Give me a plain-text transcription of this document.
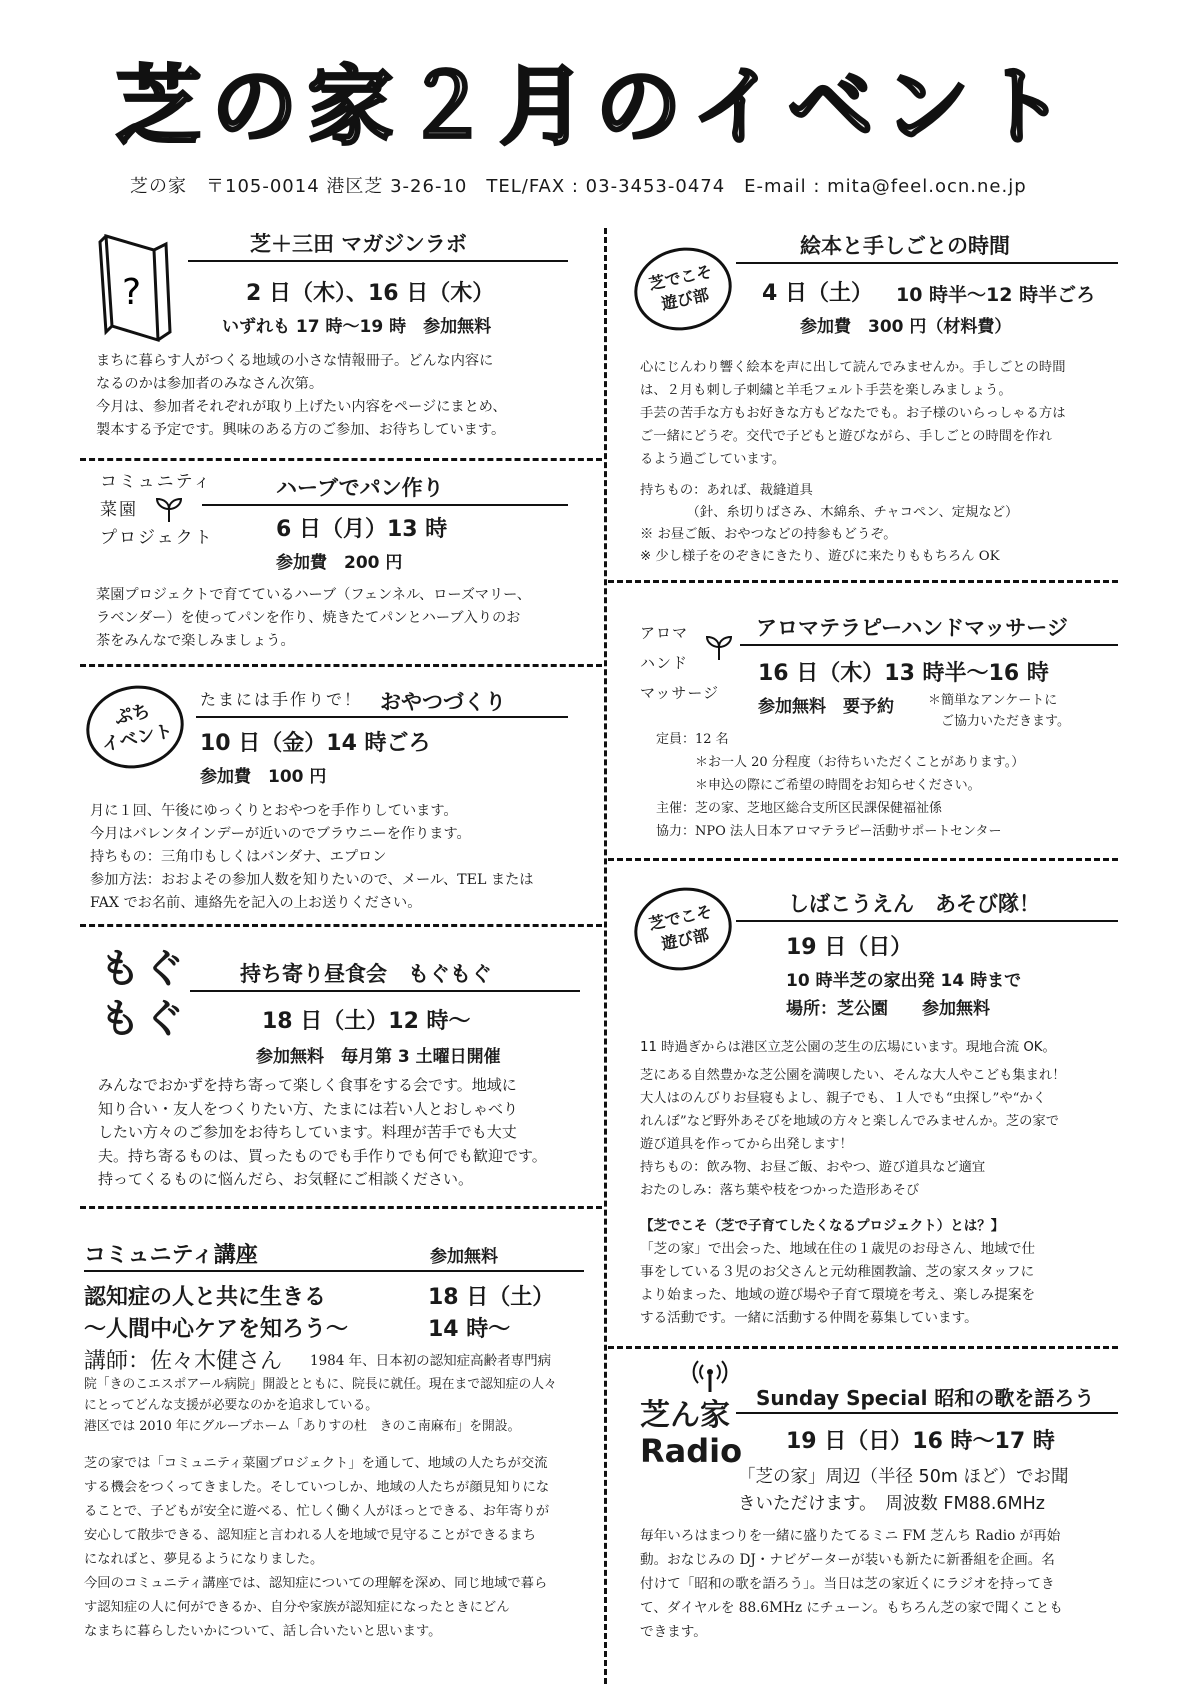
芝の家２月のイベント
芝の家　〒105-0014 港区芝 3-26-10　TEL/FAX : 03-3453-0474　E-mail : mita@feel.ocn.ne.jp
?
芝＋三田 マガジンラボ
2 日（木）、16 日（木）
いずれも 17 時〜19 時　参加無料
まちに暮らす人がつくる地域の小さな情報冊子。どんな内容に
なるのかは参加者のみなさん次第。
今月は、参加者それぞれが取り上げたい内容をページにまとめ、
製本する予定です。興味のある方のご参加、お待ちしています。
コミュニティ
菜園
プロジェクト
ハーブでパン作り
6 日（月）13 時
参加費　200 円
菜園プロジェクトで育てているハーブ（フェンネル、ローズマリー、
ラベンダー）を使ってパンを作り、焼きたてパンとハーブ入りのお
茶をみんなで楽しみましょう。
ぷち
イベント
たまには手作りで！ おやつづくり
10 日（金）14 時ごろ
参加費　100 円
月に１回、午後にゆっくりとおやつを手作りしています。
今月はバレンタインデーが近いのでブラウニーを作ります。
持ちもの：三角巾もしくはバンダナ、エプロン
参加方法：おおよその参加人数を知りたいので、メール、TEL または
FAX でお名前、連絡先を記入の上お送りください。
もぐ
もぐ
持ち寄り昼食会　もぐもぐ
18 日（土）12 時〜
参加無料　毎月第 3 土曜日開催
みんなでおかずを持ち寄って楽しく食事をする会です。地域に
知り合い・友人をつくりたい方、たまには若い人とおしゃべり
したい方々のご参加をお待ちしています。料理が苦手でも大丈
夫。持ち寄るものは、買ったものでも手作りでも何でも歓迎です。
持ってくるものに悩んだら、お気軽にご相談ください。
コミュニティ講座	参加無料
認知症の人と共に生きる
〜人間中心ケアを知ろう〜
18 日（土）
14 時〜
講師：佐々木健さん 1984 年、日本初の認知症高齢者専門病
院「きのこエスポアール病院」開設とともに、院長に就任。現在まで認知症の人々
にとってどんな支援が必要なのかを追求している。
港区では 2010 年にグループホーム「ありすの杜　きのこ南麻布」を開設。
芝の家では「コミュニティ菜園プロジェクト」を通して、地域の人たちが交流
する機会をつくってきました。そしていつしか、地域の人たちが顔見知りにな
ることで、子どもが安全に遊べる、忙しく働く人がほっとできる、お年寄りが
安心して散歩できる、認知症と言われる人を地域で見守ることができるまち
になればと、夢見るようになりました。
今回のコミュニティ講座では、認知症についての理解を深め、同じ地域で暮ら
す認知症の人に何ができるか、自分や家族が認知症になったときにどん
なまちに暮らしたいかについて、話し合いたいと思います。
芝でこそ
遊び部
絵本と手しごとの時間
4 日（土） 10 時半〜12 時半ごろ
参加費　300 円（材料費）
心にじんわり響く絵本を声に出して読んでみませんか。手しごとの時間
は、２月も刺し子刺繍と羊毛フェルト手芸を楽しみましょう。
手芸の苦手な方もお好きな方もどなたでも。お子様のいらっしゃる方は
ご一緒にどうぞ。交代で子どもと遊びながら、手しごとの時間を作れ
るよう過ごしています。
持ちもの：あれば、裁縫道具
　　　　（針、糸切りばさみ、木綿糸、チャコペン、定規など）
※ お昼ご飯、おやつなどの持参もどうぞ。
※ 少し様子をのぞきにきたり、遊びに来たりももちろん OK
アロマ
ハンド
マッサージ
アロマテラピーハンドマッサージ
16 日（木）13 時半〜16 時
参加無料　要予約	＊簡単なアンケートに
　ご協力いただきます。
定員：12 名
　　　＊お一人 20 分程度（お待ちいただくことがあります。）
　　　＊申込の際にご希望の時間をお知らせください。
主催：芝の家、芝地区総合支所区民課保健福祉係
協力：NPO 法人日本アロマテラピー活動サポートセンター
芝でこそ
遊び部
しばこうえん　あそび隊！
19 日（日）
10 時半芝の家出発 14 時まで
場所：芝公園　　参加無料
11 時過ぎからは港区立芝公園の芝生の広場にいます。現地合流 OK。
芝にある自然豊かな芝公園を満喫したい、そんな大人やこども集まれ！
大人はのんびりお昼寝もよし、親子でも、１人でも“虫探し”や“かく
れんぼ”など野外あそびを地域の方々と楽しんでみませんか。芝の家で
遊び道具を作ってから出発します！
持ちもの：飲み物、お昼ご飯、おやつ、遊び道具など適宜
おたのしみ：落ち葉や枝をつかった造形あそび
【芝でこそ（芝で子育てしたくなるプロジェクト）とは？】
「芝の家」で出会った、地域在住の１歳児のお母さん、地域で仕
事をしている３児のお父さんと元幼稚園教諭、芝の家スタッフに
より始まった、地域の遊び場や子育て環境を考え、楽しみ提案を
する活動です。一緒に活動する仲間を募集しています。
芝ん家
Radio
Sunday Special 昭和の歌を語ろう
19 日（日）16 時〜17 時
「芝の家」周辺（半径 50m ほど）でお聞
きいただけます。　周波数 FM88.6MHz
毎年いろはまつりを一緒に盛りたてるミニ FM 芝んち Radio が再始
動。おなじみの DJ・ナビゲーターが装いも新たに新番組を企画。名
付けて「昭和の歌を語ろう」。当日は芝の家近くにラジオを持ってき
て、ダイヤルを 88.6MHz にチューン。もちろん芝の家で聞くことも
できます。
